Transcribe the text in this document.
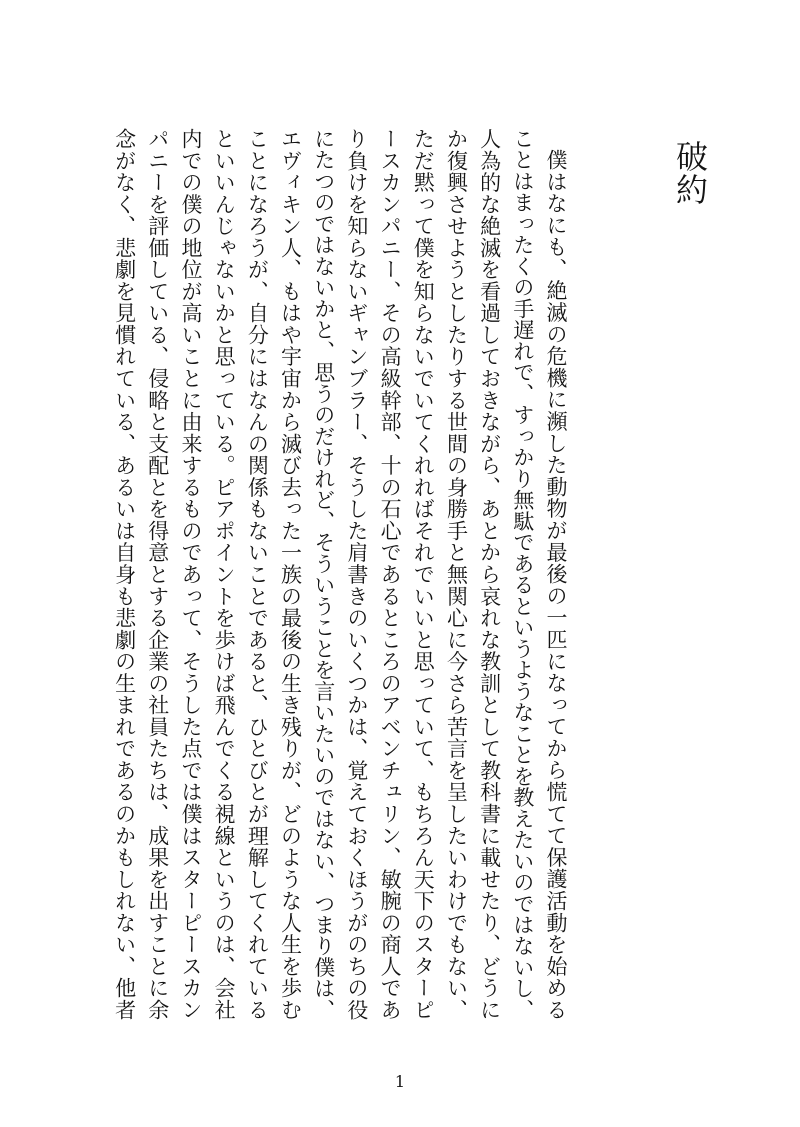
破約

僕はなにも、絶滅の危機に瀕した動物が最後の一匹になってから慌てて保護活動を始める

ことはまったくの手遅れで、すっかり無駄であるというようなことを教えたいのではないし、

人為的な絶滅を看過しておきながら、あとから哀れな教訓として教科書に載せたり、どうに

か復興させようとしたりする世間の身勝手と無関心に今さら苦言を呈したいわけでもない、

ただ黙って僕を知らないでいてくれればそれでいいと思っていて、もちろん天下のスターピ

ースカンパニー、その高級幹部、十の石心であるところのアベンチュリン、敏腕の商人であ

り負けを知らないギャンブラー、そうした肩書きのいくつかは、覚えておくほうがのちの役

にたつのではないかと、思うのだけれど、そういうことを言いたいのではない、つまり僕は、

エヴィキン人、もはや宇宙から滅び去った一族の最後の生き残りが、どのような人生を歩む

ことになろうが、自分にはなんの関係もないことであると、ひとびとが理解してくれている

といいんじゃないかと思っている。ピアポイントを歩けば飛んでくる視線というのは、会社

内での僕の地位が高いことに由来するものであって、そうした点では僕はスターピースカン

パニーを評価している、侵略と支配とを得意とする企業の社員たちは、成果を出すことに余

念がなく、悲劇を見慣れている、あるいは自身も悲劇の生まれであるのかもしれない、他者

1
